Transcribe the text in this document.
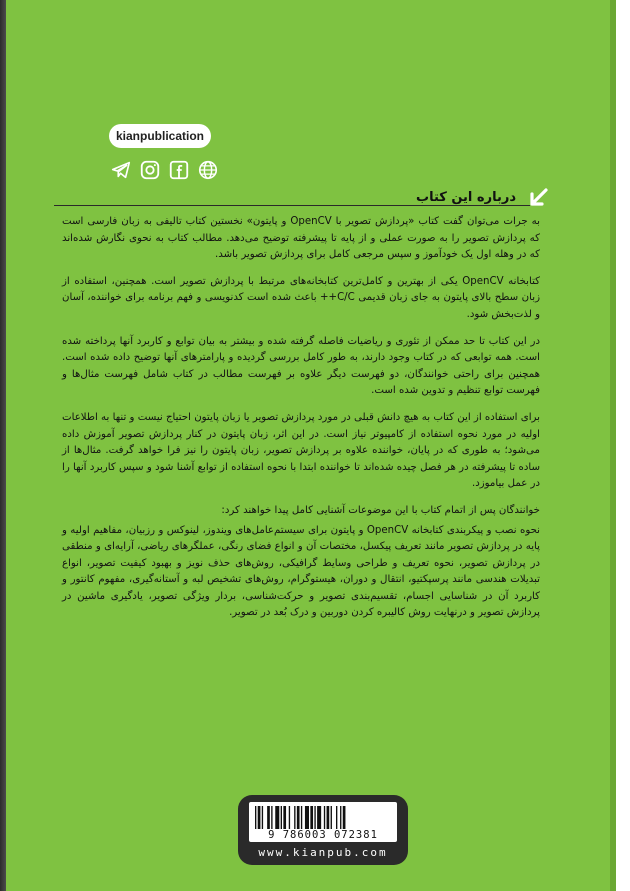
kianpublication
درباره این کتاب

به جرات می‌توان گفت کتاب «پردازش تصویر با OpenCV و پایتون» نخستین کتاب تالیفی به زبان فارسی است که پردازش تصویر را به صورت عملی و از پایه تا پیشرفته توضیح می‌دهد. مطالب کتاب به نحوی نگارش شده‌اند که در وهله اول یک خودآموز و سپس مرجعی کامل برای پردازش تصویر باشد.

کتابخانه OpenCV یکی از بهترین و کامل‌ترین کتابخانه‌های مرتبط با پردازش تصویر است. همچنین، استفاده از زبان سطح بالای پایتون به جای زبان قدیمی C/C++ باعث شده است کدنویسی و فهم برنامه برای خواننده، آسان و لذت‌بخش شود.

در این کتاب تا حد ممکن از تئوری و ریاضیات فاصله گرفته شده و بیشتر به بیان توابع و کاربرد آنها پرداخته شده است. همه توابعی که در کتاب وجود دارند، به طور کامل بررسی گردیده و پارامترهای آنها توضیح داده شده است. همچنین برای راحتی خوانندگان، دو فهرست دیگر علاوه بر فهرست مطالب در کتاب شامل فهرست مثال‌ها و فهرست توابع تنظیم و تدوین شده است.

برای استفاده از این کتاب به هیچ دانش قبلی در مورد پردازش تصویر یا زبان پایتون احتیاج نیست و تنها به اطلاعات اولیه در مورد نحوه استفاده از کامپیوتر نیاز است. در این اثر، زبان پایتون در کنار پردازش تصویر آموزش داده می‌شود؛ به طوری که در پایان، خواننده علاوه بر پردازش تصویر، زبان پایتون را نیز فرا خواهد گرفت. مثال‌ها از ساده تا پیشرفته در هر فصل چیده شده‌اند تا خواننده ابتدا با نحوه استفاده از توابع آشنا شود و سپس کاربرد آنها را در عمل بیاموزد.

خوانندگان پس از اتمام کتاب با این موضوعات آشنایی کامل پیدا خواهند کرد:

نحوه نصب و پیکربندی کتابخانه OpenCV و پایتون برای سیستم‌عامل‌های ویندوز، لینوکس و رزبیان، مفاهیم اولیه و پایه در پردازش تصویر مانند تعریف پیکسل، مختصات آن و انواع فضای رنگی، عملگرهای ریاضی، آرایه‌ای و منطقی در پردازش تصویر، نحوه تعریف و طراحی وسایط گرافیکی، روش‌های حذف نویز و بهبود کیفیت تصویر، انواع تبدیلات هندسی مانند پرسپکتیو، انتقال و دوران، هیستوگرام، روش‌های تشخیص لبه و آستانه‌گیری، مفهوم کانتور و کاربرد آن در شناسایی اجسام، تقسیم‌بندی تصویر و حرکت‌شناسی، بردار ویژگی تصویر، یادگیری ماشین در پردازش تصویر و درنهایت روش کالیبره کردن دوربین و درک بُعد در تصویر.

9 786003 072381
www.kianpub.com
